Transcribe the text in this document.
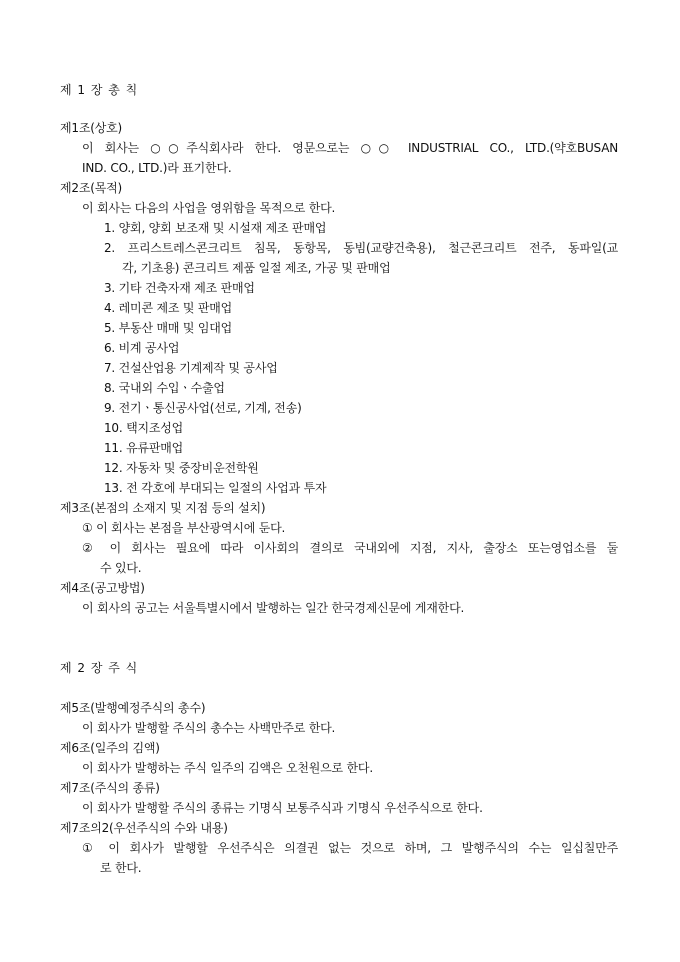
제 1 장 총 칙
제1조(상호)
이 회사는 ○○주식회사라 한다. 영문으로는 ○○ INDUSTRIAL CO., LTD.(약호BUSAN
IND. CO., LTD.)라 표기한다.
제2조(목적)
이 회사는 다음의 사업을 영위함을 목적으로 한다.
1. 양회, 양회 보조재 및 시설재 제조 판매업
2. 프리스트레스콘크리트 침목, 동항목, 동빔(교량건축용), 철근콘크리트 전주, 동파일(교
각, 기초용) 콘크리트 제품 일절 제조, 가공 및 판매업
3. 기타 건축자재 제조 판매업
4. 레미콘 제조 및 판매업
5. 부동산 매매 및 임대업
6. 비계 공사업
7. 건설산업용 기계제작 및 공사업
8. 국내외 수입ㆍ수출업
9. 전기ㆍ통신공사업(선로, 기계, 전송)
10. 택지조성업
11. 유류판매업
12. 자동차 및 중장비운전학원
13. 전 각호에 부대되는 일절의 사업과 투자
제3조(본점의 소재지 및 지점 등의 설치)
① 이 회사는 본점을 부산광역시에 둔다.
② 이 회사는 필요에 따라 이사회의 결의로 국내외에 지점, 지사, 출장소 또는영업소를 둘
수 있다.
제4조(공고방법)
이 회사의 공고는 서울특별시에서 발행하는 일간 한국경제신문에 게재한다.
제 2 장 주 식
제5조(발행예정주식의 총수)
이 회사가 발행할 주식의 총수는 사백만주로 한다.
제6조(일주의 김액)
이 회사가 발행하는 주식 일주의 김액은 오천원으로 한다.
제7조(주식의 종류)
이 회사가 발행할 주식의 종류는 기명식 보통주식과 기명식 우선주식으로 한다.
제7조의2(우선주식의 수와 내용)
① 이 회사가 발행할 우선주식은 의결권 없는 것으로 하며, 그 발행주식의 수는 일십칠만주
로 한다.
